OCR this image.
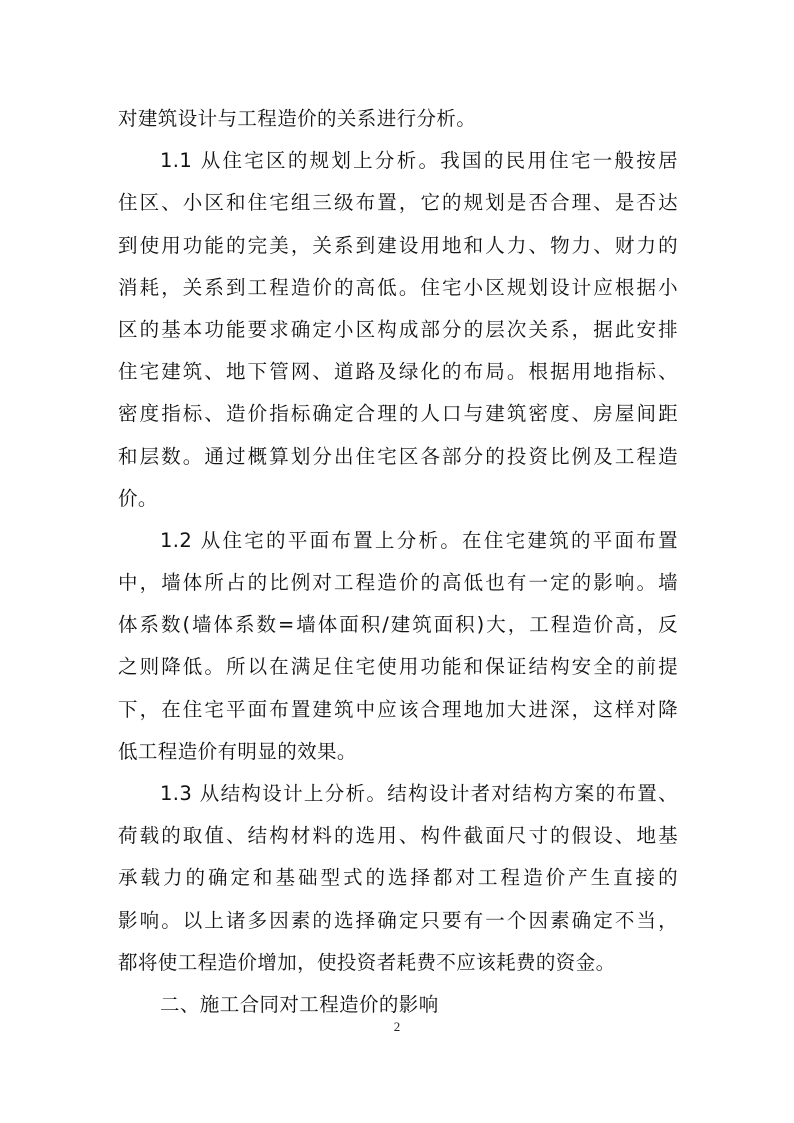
对建筑设计与工程造价的关系进行分析。
1.1 从住宅区的规划上分析。我国的民用住宅一般按居
住区、小区和住宅组三级布置，它的规划是否合理、是否达
到使用功能的完美，关系到建设用地和人力、物力、财力的
消耗，关系到工程造价的高低。住宅小区规划设计应根据小
区的基本功能要求确定小区构成部分的层次关系，据此安排
住宅建筑、地下管网、道路及绿化的布局。根据用地指标、
密度指标、造价指标确定合理的人口与建筑密度、房屋间距
和层数。通过概算划分出住宅区各部分的投资比例及工程造
价。
1.2 从住宅的平面布置上分析。在住宅建筑的平面布置
中，墙体所占的比例对工程造价的高低也有一定的影响。墙
体系数(墙体系数=墙体面积/建筑面积)大，工程造价高，反
之则降低。所以在满足住宅使用功能和保证结构安全的前提
下，在住宅平面布置建筑中应该合理地加大进深，这样对降
低工程造价有明显的效果。
1.3 从结构设计上分析。结构设计者对结构方案的布置、
荷载的取值、结构材料的选用、构件截面尺寸的假设、地基
承载力的确定和基础型式的选择都对工程造价产生直接的
影响。以上诸多因素的选择确定只要有一个因素确定不当，
都将使工程造价增加，使投资者耗费不应该耗费的资金。
二、施工合同对工程造价的影响
2
